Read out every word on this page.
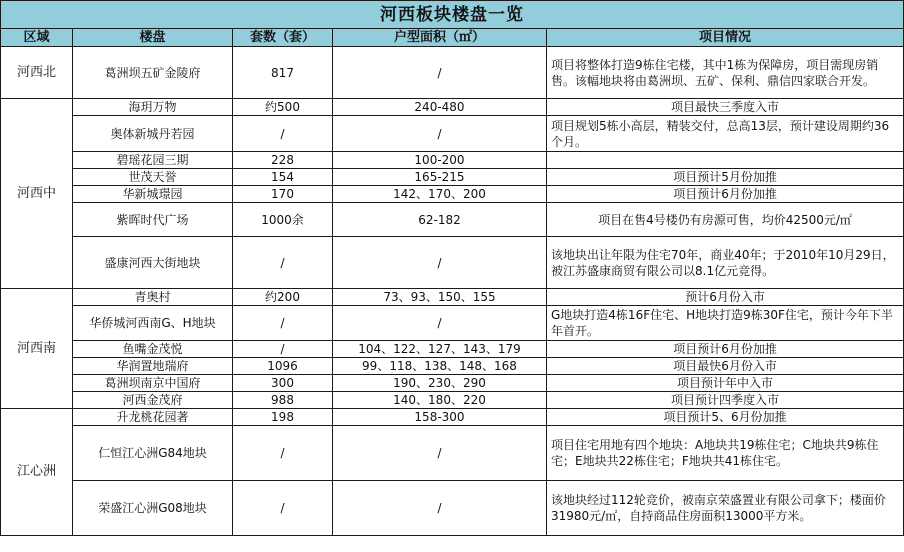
河西板块楼盘一览				
区域	楼盘	套数（套）	户型面积（㎡）	项目情况
河西北	葛洲坝五矿金陵府	817	/	项目将整体打造9栋住宅楼，其中1栋为保障房，项目需现房销售。该幅地块将由葛洲坝、五矿、保利、鼎信四家联合开发。
河西中	海玥万物	约500	240-480	项目最快三季度入市
	奥体新城丹若园	/	/	项目规划5栋小高层，精装交付，总高13层，预计建设周期约36个月。
	碧瑶花园三期	228	100-200	
	世茂天誉	154	165-215	项目预计5月份加推
	华新城璟园	170	142、170、200	项目预计6月份加推
	紫晖时代广场	1000余	62-182	项目在售4号楼仍有房源可售，均价42500元/㎡
	盛康河西大街地块	/	/	该地块出让年限为住宅70年，商业40年；于2010年10月29日，被江苏盛康商贸有限公司以8.1亿元竞得。
河西南	青奥村	约200	73、93、150、155	预计6月份入市
	华侨城河西南G、H地块	/	/	G地块打造4栋16F住宅、H地块打造9栋30F住宅，预计今年下半年首开。
	鱼嘴金茂悦	/	104、122、127、143、179	项目预计6月份加推
	华润置地瑞府	1096	99、118、138、148、168	项目最快6月份入市
	葛洲坝南京中国府	300	190、230、290	项目预计年中入市
	河西金茂府	988	140、180、220	项目预计四季度入市
江心洲	升龙桃花园著	198	158-300	项目预计5、6月份加推
	仁恒江心洲G84地块	/	/	项目住宅用地有四个地块：A地块共19栋住宅；C地块共9栋住宅；E地块共22栋住宅；F地块共41栋住宅。
	荣盛江心洲G08地块	/	/	该地块经过112轮竞价，被南京荣盛置业有限公司拿下；楼面价31980元/㎡，自持商品住房面积13000平方米。
